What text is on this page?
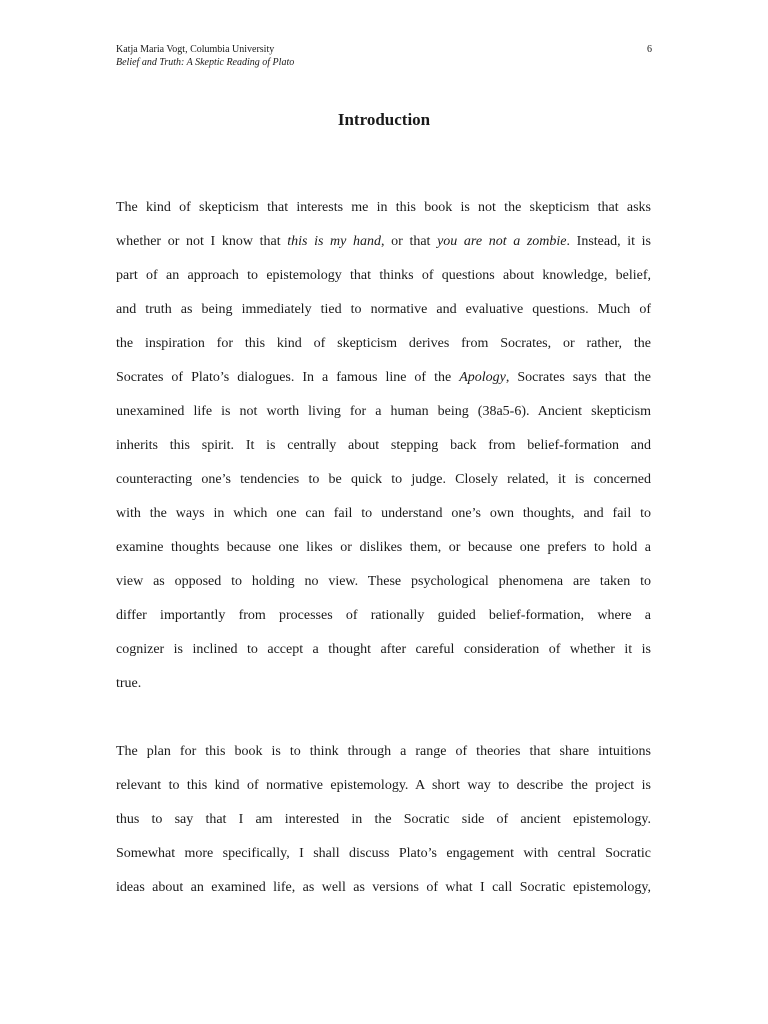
Katja Maria Vogt, Columbia University
Belief and Truth: A Skeptic Reading of Plato
6
Introduction

The kind of skepticism that interests me in this book is not the skepticism that asks
whether or not I know that this is my hand, or that you are not a zombie. Instead, it is
part of an approach to epistemology that thinks of questions about knowledge, belief,
and truth as being immediately tied to normative and evaluative questions. Much of
the inspiration for this kind of skepticism derives from Socrates, or rather, the
Socrates of Plato’s dialogues. In a famous line of the Apology, Socrates says that the
unexamined life is not worth living for a human being (38a5-6). Ancient skepticism
inherits this spirit. It is centrally about stepping back from belief-formation and
counteracting one’s tendencies to be quick to judge. Closely related, it is concerned
with the ways in which one can fail to understand one’s own thoughts, and fail to
examine thoughts because one likes or dislikes them, or because one prefers to hold a
view as opposed to holding no view. These psychological phenomena are taken to
differ importantly from processes of rationally guided belief-formation, where a
cognizer is inclined to accept a thought after careful consideration of whether it is
true.

The plan for this book is to think through a range of theories that share intuitions
relevant to this kind of normative epistemology. A short way to describe the project is
thus to say that I am interested in the Socratic side of ancient epistemology.
Somewhat more specifically, I shall discuss Plato’s engagement with central Socratic
ideas about an examined life, as well as versions of what I call Socratic epistemology,
